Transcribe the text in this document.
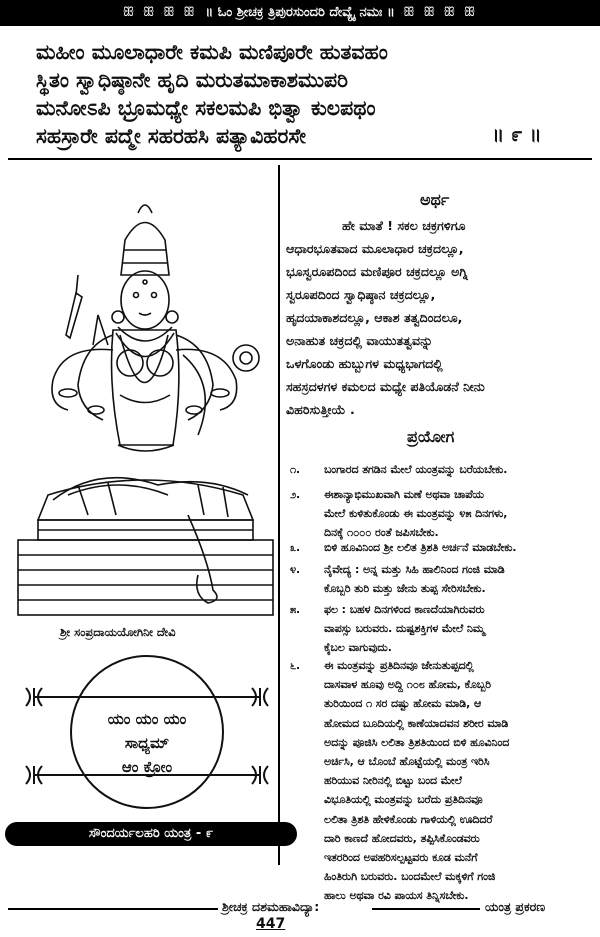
ꕥ ꕥ ꕥ ꕥ ॥ ಓಂ ಶ್ರೀಚಕ್ರ ತ್ರಿಪುರಸುಂದರಿ ದೇವ್ಯೈ ನಮಃ ॥ ꕥ ꕥ ꕥ ꕥ
ಮಹೀಂ ಮೂಲಾಧಾರೇ ಕಮಪಿ ಮಣಿಪೂರೇ ಹುತವಹಂ
ಸ್ಥಿತಂ ಸ್ವಾಧಿಷ್ಠಾನೇ ಹೃದಿ ಮರುತಮಾಕಾಶಮುಪರಿ
ಮನೋಽಪಿ ಭ್ರೂಮಧ್ಯೇ ಸಕಲಮಪಿ ಭಿತ್ವಾ ಕುಲಪಥಂ
ಸಹಸ್ರಾರೇ ಪದ್ಮೇ ಸಹರಹಸಿ ಪತ್ಯಾವಿಹರಸೇ	॥ ೯ ॥
ಅರ್ಥ
ಹೇ ಮಾತೆ ! ಸಕಲ ಚಕ್ರಗಳಿಗೂ
ಆಧಾರಭೂತವಾದ ಮೂಲಾಧಾರ ಚಕ್ರದಲ್ಲೂ,
ಭೂಸ್ವರೂಪದಿಂದ ಮಣಿಪೂರ ಚಕ್ರದಲ್ಲೂ ಅಗ್ನಿ
ಸ್ವರೂಪದಿಂದ ಸ್ವಾಧಿಷ್ಠಾನ ಚಕ್ರದಲ್ಲೂ,
ಹೃದಯಾಕಾಶದಲ್ಲೂ, ಆಕಾಶ ತತ್ವದಿಂದಲೂ,
ಅನಾಹುತ ಚಕ್ರದಲ್ಲಿ ವಾಯುತತ್ವವನ್ನು
ಒಳಗೊಂಡು ಹುಬ್ಬುಗಳ ಮಧ್ಯಭಾಗದಲ್ಲಿ
ಸಹಸ್ರದಳಗಳ ಕಮಲದ ಮಧ್ಯೇ ಪತಿಯೊಡನೆ ನೀನು
ವಿಹರಿಸುತ್ತೀಯೆ .
ಪ್ರಯೋಗ
೧.	ಬಂಗಾರದ ತಗಡಿನ ಮೇಲೆ ಯಂತ್ರವನ್ನು ಬರೆಯಬೇಕು.
೨.	ಈಶಾನ್ಯಾಭಿಮುಖವಾಗಿ ಮಣೆ ಅಥವಾ ಚಾಪೆಯ
ಮೇಲೆ ಕುಳಿತುಕೊಂಡು ಈ ಮಂತ್ರವನ್ನು ೪೫ ದಿನಗಳು,
ದಿನಕ್ಕೆ ೧೦೦೦ ರಂತೆ ಜಪಿಸಬೇಕು.
೩.	ಬಿಳಿ ಹೂವಿನಿಂದ ಶ್ರೀ ಲಲಿತ ತ್ರಿಶತಿ ಅರ್ಚನೆ ಮಾಡಬೇಕು.
೪.	ನೈವೇದ್ಯ : ಅನ್ನ ಮತ್ತು ಸಿಹಿ ಹಾಲಿನಿಂದ ಗಂಜಿ ಮಾಡಿ
ಕೊಬ್ಬರಿ ತುರಿ ಮತ್ತು ಜೇನು ತುಪ್ಪ ಸೇರಿಸಬೇಕು.
೫.	ಫಲ : ಬಹಳ ದಿನಗಳಿಂದ ಕಾಣದೆಯಾಗಿರುವರು
ವಾಪಸ್ಸು ಬರುವರು. ದುಷ್ಟಶಕ್ತಿಗಳ ಮೇಲೆ ನಿಮ್ಮ
ಕೈಬಲ ವಾಗುವುದು.
೬.	ಈ ಮಂತ್ರವನ್ನು ಪ್ರತಿದಿನವೂ ಜೇನುತುಪ್ಪದಲ್ಲಿ
ದಾಸವಾಳ ಹೂವು ಅದ್ದಿ ೧೦೮ ಹೋಮ, ಕೊಬ್ಬರಿ
ತುರಿಯಿಂದ ೧ ಸರ ದಷ್ಟು ಹೋಮ ಮಾಡಿ, ಆ
ಹೋಮದ ಬೂದಿಯಲ್ಲಿ ಕಾಣೆಯಾದವನ ಶರೀರ ಮಾಡಿ
ಅದನ್ನು ಪೂಜಿಸಿ ಲಲಿತಾ ತ್ರಿಶತಿಯಿಂದ ಬಿಳಿ ಹೂವಿನಿಂದ
ಅರ್ಚಿಸಿ, ಆ ಬೊಂಬೆ ಹೊಟ್ಟೆಯಲ್ಲಿ ಮಂತ್ರ ಇರಿಸಿ
ಹರಿಯುವ ನೀರಿನಲ್ಲಿ ಬಿಟ್ಟು ಬಂದ ಮೇಲೆ
ವಿಭೂತಿಯಲ್ಲಿ ಮಂತ್ರವನ್ನು ಬರೆದು ಪ್ರತಿದಿನವೂ
ಲಲಿತಾ ತ್ರಿಶತಿ ಹೇಳಿಕೊಂಡು ಗಾಳಿಯಲ್ಲಿ ಊದಿದರೆ
ದಾರಿ ಕಾಣದೆ ಹೋದವರು, ತಪ್ಪಿಸಿಕೊಂಡವರು
ಇತರರಿಂದ ಅಪಹರಿಸಲ್ಪಟ್ಟವರು ಕೂಡ ಮನೆಗೆ
ಹಿಂತಿರುಗಿ ಬರುವರು. ಬಂದಮೇಲೆ ಮಕ್ಕಳಿಗೆ ಗಂಜಿ
ಹಾಲು ಅಥವಾ ರವಿ ಪಾಯಸ ತಿನ್ನಿಸಬೇಕು.
ಶ್ರೀ ಸಂಪ್ರದಾಯಯೋಗಿನೀ ದೇವಿ
ಯಂ ಯಂ ಯಂ
ಸಾಧ್ಯಮ್
ಆಂ ಕ್ರೋಂ
ಸೌಂದರ್ಯಲಹರಿ ಯಂತ್ರ - ೯
ಶ್ರೀಚಕ್ರ ದಶಮಹಾವಿದ್ಯಾ:	ಯಂತ್ರ ಪ್ರಕರಣ
447
